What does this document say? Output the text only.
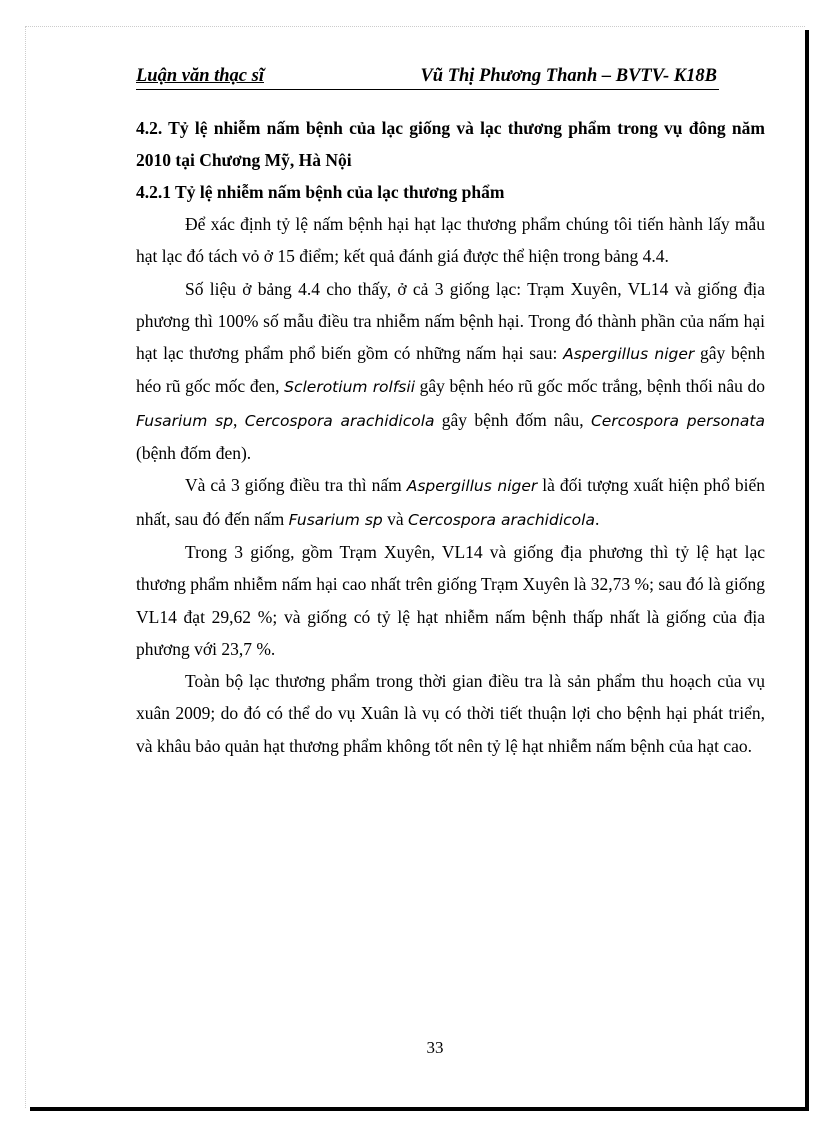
Luận văn thạc sĩ	Vũ Thị Phương Thanh – BVTV- K18B

4.2. Tỷ lệ nhiễm nấm bệnh của lạc giống và lạc thương phẩm trong vụ đông năm 2010 tại Chương Mỹ, Hà Nội

4.2.1 Tỷ lệ nhiễm nấm bệnh của lạc thương phẩm

Để xác định tỷ lệ nấm bệnh hại hạt lạc thương phẩm chúng tôi tiến hành lấy mẫu hạt lạc đó tách vỏ ở 15 điểm; kết quả đánh giá được thể hiện trong bảng 4.4.

Số liệu ở bảng 4.4 cho thấy, ở cả 3 giống lạc: Trạm Xuyên, VL14 và giống địa phương thì 100% số mẫu điều tra nhiễm nấm bệnh hại. Trong đó thành phần của nấm hại hạt lạc thương phẩm phổ biến gồm có những nấm hại sau: Aspergillus niger gây bệnh héo rũ gốc mốc đen, Sclerotium rolfsii gây bệnh héo rũ gốc mốc trắng, bệnh thối nâu do Fusarium sp, Cercospora arachidicola gây bệnh đốm nâu, Cercospora personata (bệnh đốm đen).

Và cả 3 giống điều tra thì nấm Aspergillus niger là đối tượng xuất hiện phổ biến nhất, sau đó đến nấm Fusarium sp và Cercospora arachidicola.

Trong 3 giống, gồm Trạm Xuyên, VL14 và giống địa phương thì tỷ lệ hạt lạc thương phẩm nhiễm nấm hại cao nhất trên giống Trạm Xuyên là 32,73 %; sau đó là giống VL14 đạt 29,62 %; và giống có tỷ lệ hạt nhiễm nấm bệnh thấp nhất là giống của địa phương với 23,7 %.

Toàn bộ lạc thương phẩm trong thời gian điều tra là sản phẩm thu hoạch của vụ xuân 2009; do đó có thể do vụ Xuân là vụ có thời tiết thuận lợi cho bệnh hại phát triển, và khâu bảo quản hạt thương phẩm không tốt nên tỷ lệ hạt nhiễm nấm bệnh của hạt cao.

33
